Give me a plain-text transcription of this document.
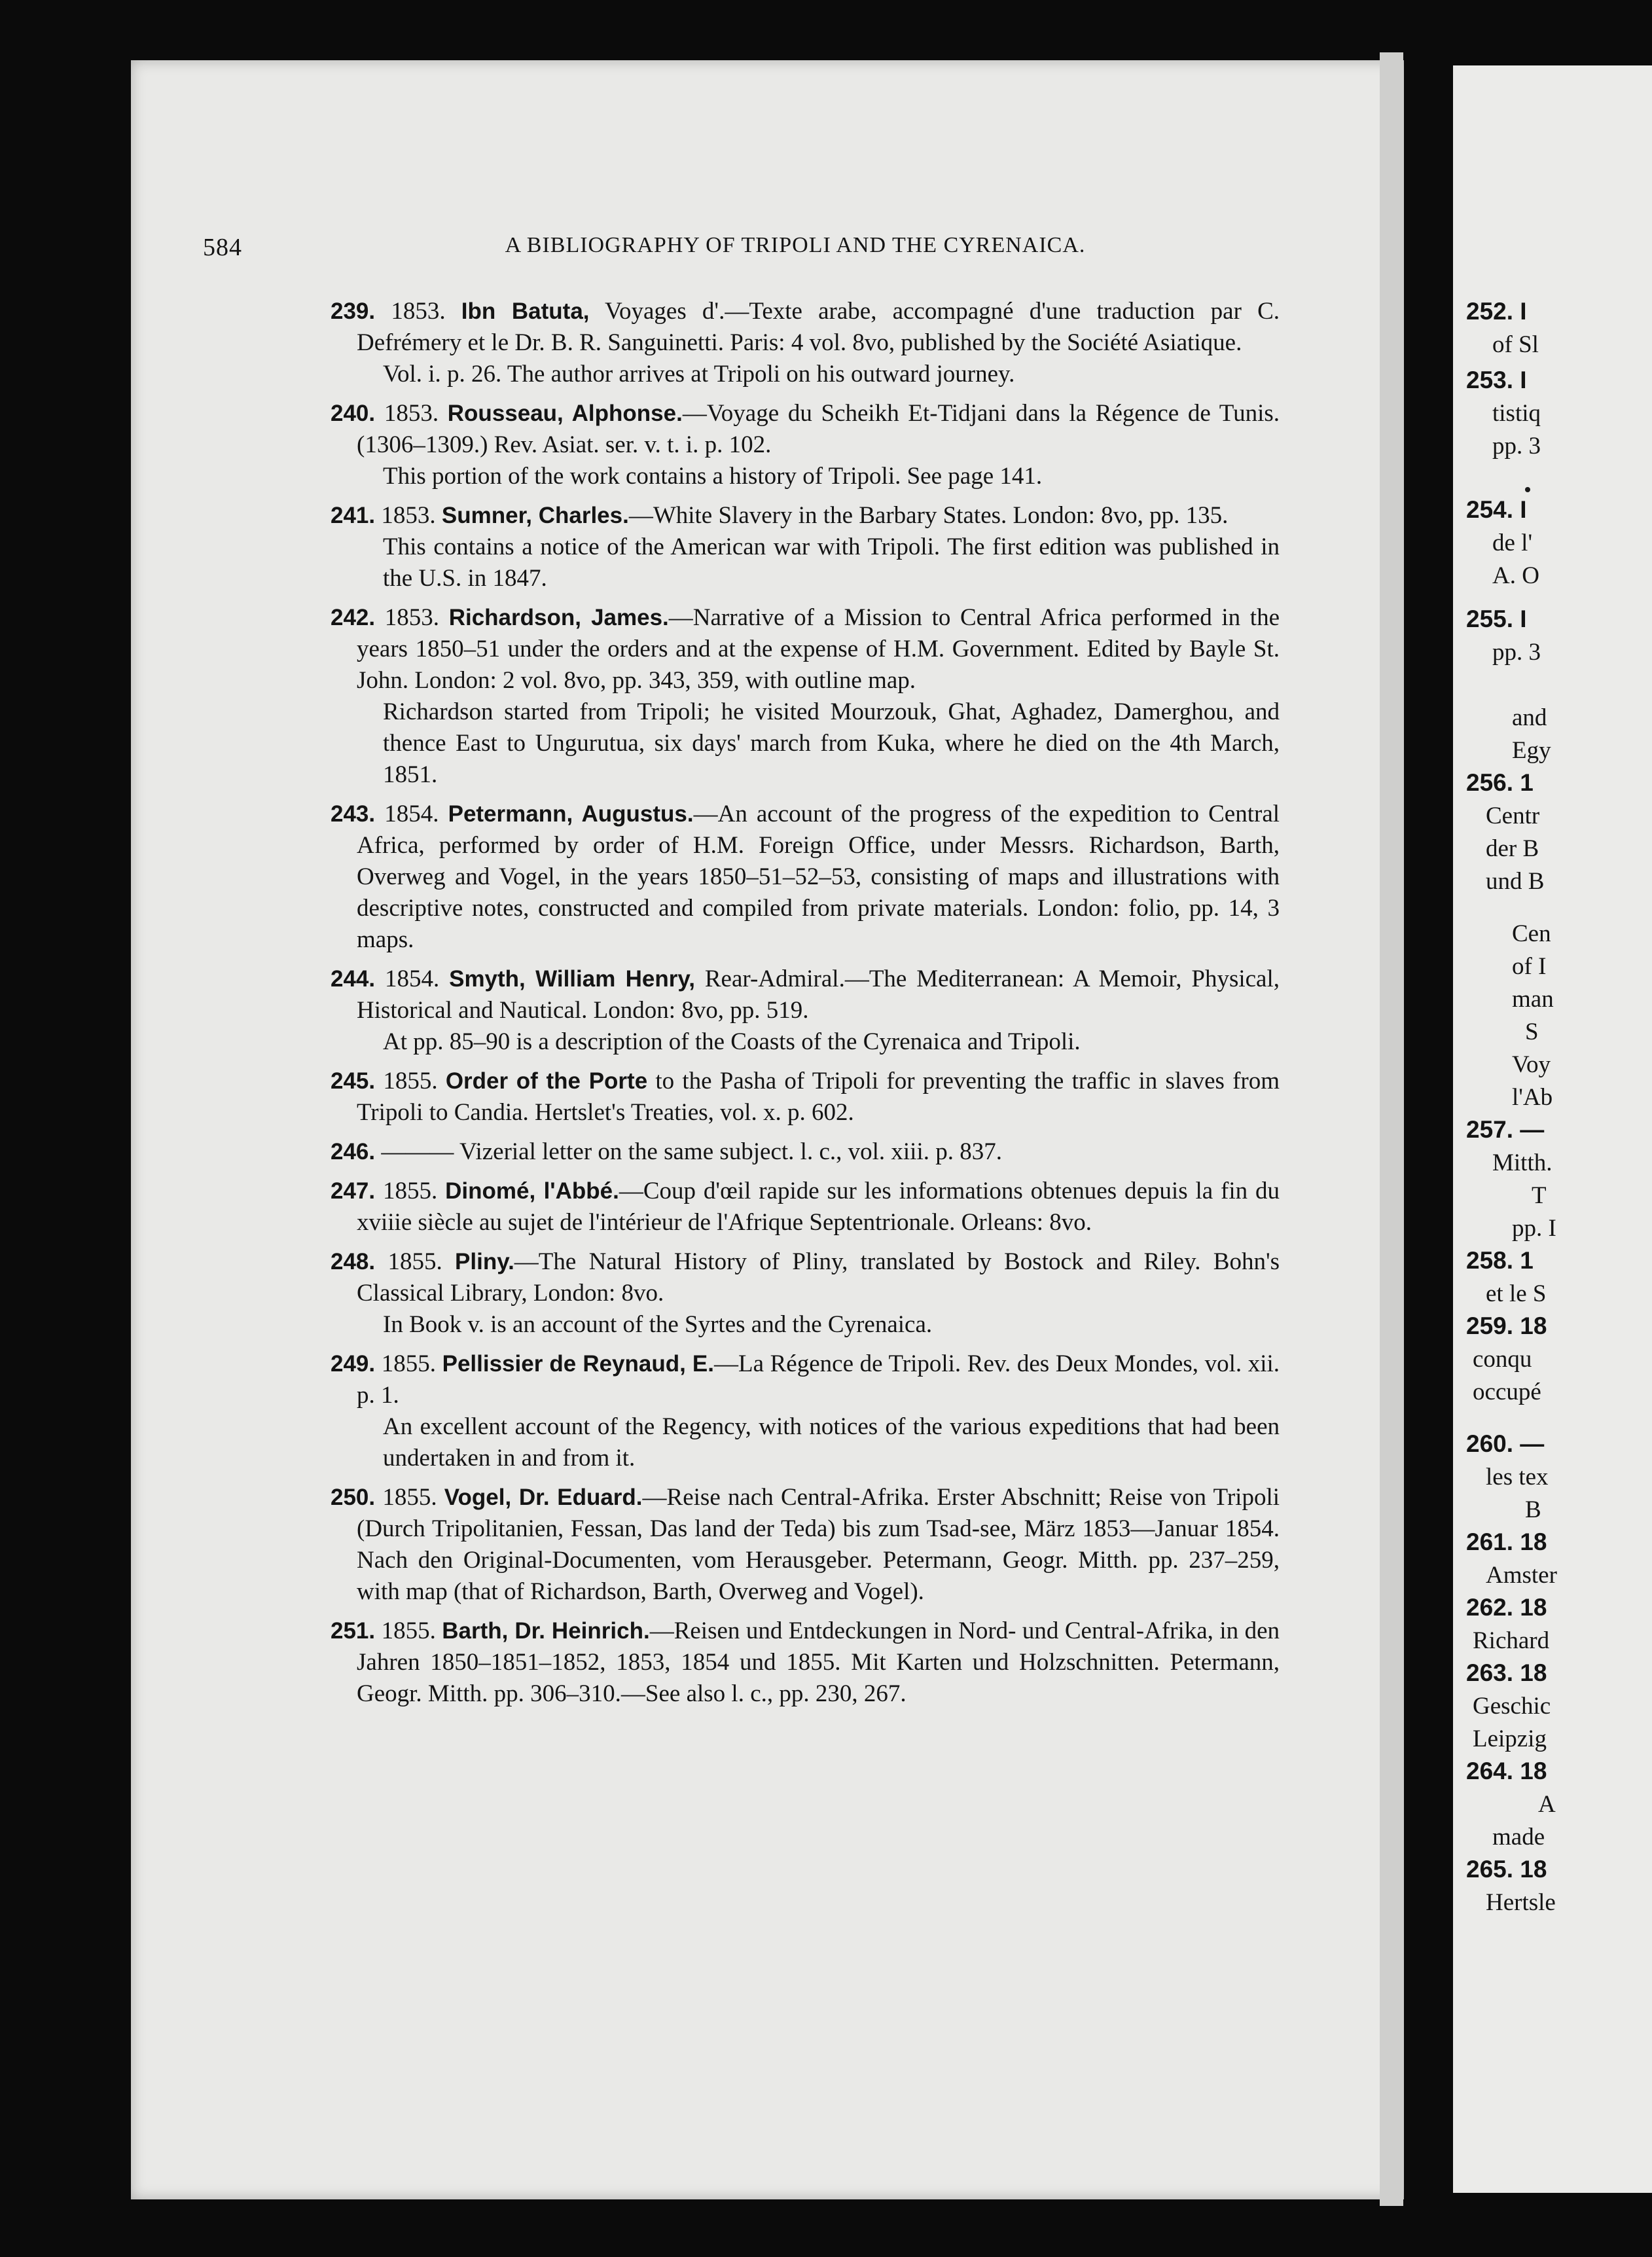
584	A BIBLIOGRAPHY OF TRIPOLI AND THE CYRENAICA.

239. 1853. Ibn Batuta, Voyages d'.—Texte arabe, accompagné d'une traduction par C. Defrémery et le Dr. B. R. Sanguinetti. Paris: 4 vol. 8vo, published by the Société Asiatique.

Vol. i. p. 26. The author arrives at Tripoli on his outward journey.

240. 1853. Rousseau, Alphonse.—Voyage du Scheikh Et-Tidjani dans la Régence de Tunis. (1306–1309.) Rev. Asiat. ser. v. t. i. p. 102.

This portion of the work contains a history of Tripoli. See page 141.

241. 1853. Sumner, Charles.—White Slavery in the Barbary States. London: 8vo, pp. 135.

This contains a notice of the American war with Tripoli. The first edition was published in the U.S. in 1847.

242. 1853. Richardson, James.—Narrative of a Mission to Central Africa performed in the years 1850–51 under the orders and at the expense of H.M. Government. Edited by Bayle St. John. London: 2 vol. 8vo, pp. 343, 359, with outline map.

Richardson started from Tripoli; he visited Mourzouk, Ghat, Aghadez, Damerghou, and thence East to Ungurutua, six days' march from Kuka, where he died on the 4th March, 1851.

243. 1854. Petermann, Augustus.—An account of the progress of the expedition to Central Africa, performed by order of H.M. Foreign Office, under Messrs. Richardson, Barth, Overweg and Vogel, in the years 1850–51–52–53, consisting of maps and illustrations with descriptive notes, constructed and compiled from private materials. London: folio, pp. 14, 3 maps.

244. 1854. Smyth, William Henry, Rear-Admiral.—The Mediterranean: A Memoir, Physical, Historical and Nautical. London: 8vo, pp. 519.

At pp. 85–90 is a description of the Coasts of the Cyrenaica and Tripoli.

245. 1855. Order of the Porte to the Pasha of Tripoli for preventing the traffic in slaves from Tripoli to Candia. Hertslet's Treaties, vol. x. p. 602.

246. ——— Vizerial letter on the same subject. l. c., vol. xiii. p. 837.

247. 1855. Dinomé, l'Abbé.—Coup d'œil rapide sur les informations obtenues depuis la fin du xviiie siècle au sujet de l'intérieur de l'Afrique Septentrionale. Orleans: 8vo.

248. 1855. Pliny.—The Natural History of Pliny, translated by Bostock and Riley. Bohn's Classical Library, London: 8vo.

In Book v. is an account of the Syrtes and the Cyrenaica.

249. 1855. Pellissier de Reynaud, E.—La Régence de Tripoli. Rev. des Deux Mondes, vol. xii. p. 1.

An excellent account of the Regency, with notices of the various expeditions that had been undertaken in and from it.

250. 1855. Vogel, Dr. Eduard.—Reise nach Central-Afrika. Erster Abschnitt; Reise von Tripoli (Durch Tripolitanien, Fessan, Das land der Teda) bis zum Tsad-see, März 1853—Januar 1854. Nach den Original-Documenten, vom Herausgeber. Petermann, Geogr. Mitth. pp. 237–259, with map (that of Richardson, Barth, Overweg and Vogel).

251. 1855. Barth, Dr. Heinrich.—Reisen und Entdeckungen in Nord- und Central-Afrika, in den Jahren 1850–1851–1852, 1853, 1854 und 1855. Mit Karten und Holzschnitten. Petermann, Geogr. Mitth. pp. 306–310.—See also l. c., pp. 230, 267.

252. I
of Sl
253. I
tistiq
pp. 3
254. I
de l'
A. O
255. I
pp. 3
and
Egy
256. 1
Centr
der B
und B
Cen
of I
man
S
Voy
l'Ab
257. —
Mitth.
T
pp. I
258. 1
et le S
259. 18
conqu
occupé
260. —
les tex
B
261. 18
Amster
262. 18
Richard
263. 18
Geschic
Leipzig
264. 18
A
made
265. 18
Hertsle
